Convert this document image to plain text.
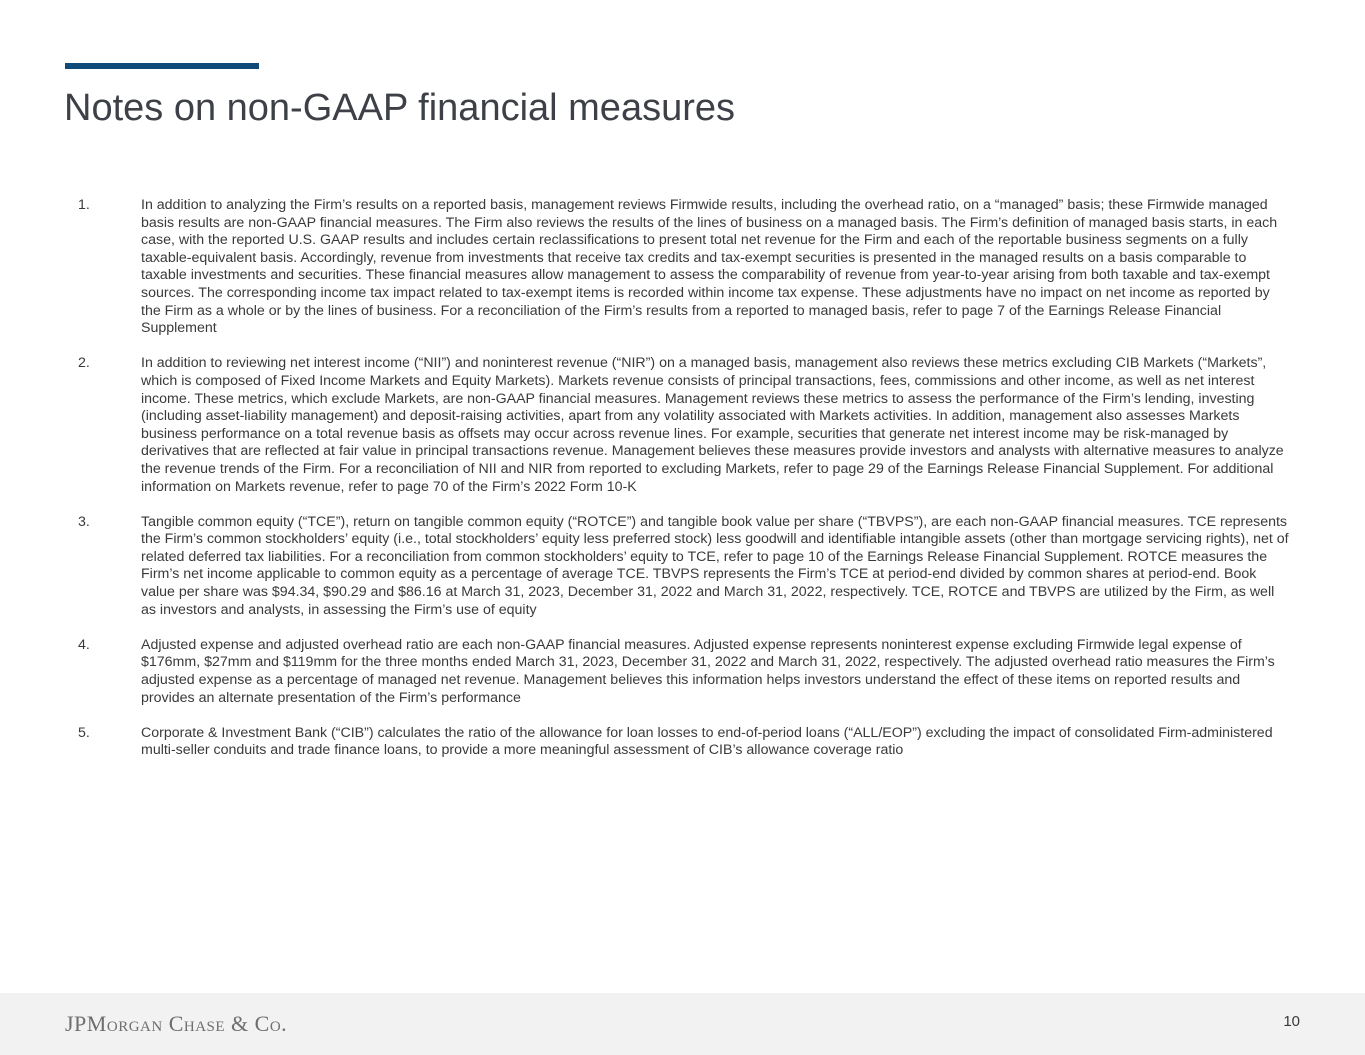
Notes on non-GAAP financial measures
1.	In addition to analyzing the Firm’s results on a reported basis, management reviews Firmwide results, including the overhead ratio, on a “managed” basis; these Firmwide managed basis results are non-GAAP financial measures. The Firm also reviews the results of the lines of business on a managed basis. The Firm’s definition of managed basis starts, in each case, with the reported U.S. GAAP results and includes certain reclassifications to present total net revenue for the Firm and each of the reportable business segments on a fully taxable-equivalent basis. Accordingly, revenue from investments that receive tax credits and tax-exempt securities is presented in the managed results on a basis comparable to taxable investments and securities. These financial measures allow management to assess the comparability of revenue from year-to-year arising from both taxable and tax-exempt sources. The corresponding income tax impact related to tax-exempt items is recorded within income tax expense. These adjustments have no impact on net income as reported by the Firm as a whole or by the lines of business. For a reconciliation of the Firm’s results from a reported to managed basis, refer to page 7 of the Earnings Release Financial Supplement
2.	In addition to reviewing net interest income (“NII”) and noninterest revenue (“NIR”) on a managed basis, management also reviews these metrics excluding CIB Markets (“Markets”, which is composed of Fixed Income Markets and Equity Markets). Markets revenue consists of principal transactions, fees, commissions and other income, as well as net interest income. These metrics, which exclude Markets, are non-GAAP financial measures. Management reviews these metrics to assess the performance of the Firm’s lending, investing (including asset-liability management) and deposit-raising activities, apart from any volatility associated with Markets activities. In addition, management also assesses Markets business performance on a total revenue basis as offsets may occur across revenue lines. For example, securities that generate net interest income may be risk-managed by derivatives that are reflected at fair value in principal transactions revenue. Management believes these measures provide investors and analysts with alternative measures to analyze the revenue trends of the Firm. For a reconciliation of NII and NIR from reported to excluding Markets, refer to page 29 of the Earnings Release Financial Supplement. For additional information on Markets revenue, refer to page 70 of the Firm’s 2022 Form 10-K
3.	Tangible common equity (“TCE”), return on tangible common equity (“ROTCE”) and tangible book value per share (“TBVPS”), are each non-GAAP financial measures. TCE represents the Firm’s common stockholders’ equity (i.e., total stockholders’ equity less preferred stock) less goodwill and identifiable intangible assets (other than mortgage servicing rights), net of related deferred tax liabilities. For a reconciliation from common stockholders’ equity to TCE, refer to page 10 of the Earnings Release Financial Supplement. ROTCE measures the Firm’s net income applicable to common equity as a percentage of average TCE. TBVPS represents the Firm’s TCE at period-end divided by common shares at period-end. Book value per share was $94.34, $90.29 and $86.16 at March 31, 2023, December 31, 2022 and March 31, 2022, respectively. TCE, ROTCE and TBVPS are utilized by the Firm, as well as investors and analysts, in assessing the Firm’s use of equity
4.	Adjusted expense and adjusted overhead ratio are each non-GAAP financial measures. Adjusted expense represents noninterest expense excluding Firmwide legal expense of $176mm, $27mm and $119mm for the three months ended March 31, 2023, December 31, 2022 and March 31, 2022, respectively. The adjusted overhead ratio measures the Firm’s adjusted expense as a percentage of managed net revenue. Management believes this information helps investors understand the effect of these items on reported results and provides an alternate presentation of the Firm’s performance
5.	Corporate & Investment Bank (“CIB”) calculates the ratio of the allowance for loan losses to end-of-period loans (“ALL/EOP”) excluding the impact of consolidated Firm-administered multi-seller conduits and trade finance loans, to provide a more meaningful assessment of CIB’s allowance coverage ratio
JPMorgan Chase & Co.	10
